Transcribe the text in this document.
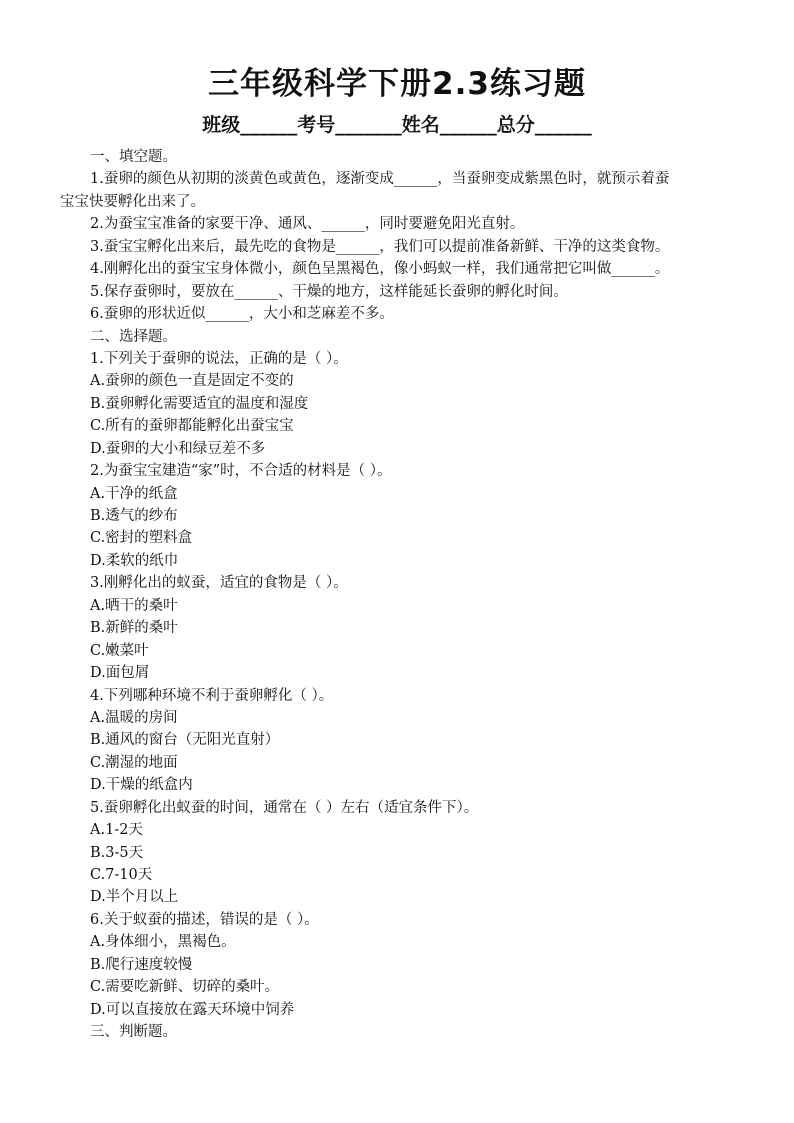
三年级科学下册2.3练习题
班级______考号_______姓名______总分______
一、填空题。
1.蚕卵的颜色从初期的淡黄色或黄色，逐渐变成______，当蚕卵变成紫黑色时，就预示着蚕
宝宝快要孵化出来了。
2.为蚕宝宝准备的家要干净、通风、______，同时要避免阳光直射。
3.蚕宝宝孵化出来后，最先吃的食物是______，我们可以提前准备新鲜、干净的这类食物。
4.刚孵化出的蚕宝宝身体微小，颜色呈黑褐色，像小蚂蚁一样，我们通常把它叫做______。
5.保存蚕卵时，要放在______、干燥的地方，这样能延长蚕卵的孵化时间。
6.蚕卵的形状近似______，大小和芝麻差不多。
二、选择题。
1.下列关于蚕卵的说法，正确的是（ ）。
A.蚕卵的颜色一直是固定不变的
B.蚕卵孵化需要适宜的温度和湿度
C.所有的蚕卵都能孵化出蚕宝宝
D.蚕卵的大小和绿豆差不多
2.为蚕宝宝建造“家”时，不合适的材料是（ ）。
A.干净的纸盒
B.透气的纱布
C.密封的塑料盒
D.柔软的纸巾
3.刚孵化出的蚁蚕，适宜的食物是（ ）。
A.晒干的桑叶
B.新鲜的桑叶
C.嫩菜叶
D.面包屑
4.下列哪种环境不利于蚕卵孵化（ ）。
A.温暖的房间
B.通风的窗台（无阳光直射）
C.潮湿的地面
D.干燥的纸盒内
5.蚕卵孵化出蚁蚕的时间，通常在（ ）左右（适宜条件下）。
A.1-2天
B.3-5天
C.7-10天
D.半个月以上
6.关于蚁蚕的描述，错误的是（ ）。
A.身体细小，黑褐色。
B.爬行速度较慢
C.需要吃新鲜、切碎的桑叶。
D.可以直接放在露天环境中饲养
三、判断题。
